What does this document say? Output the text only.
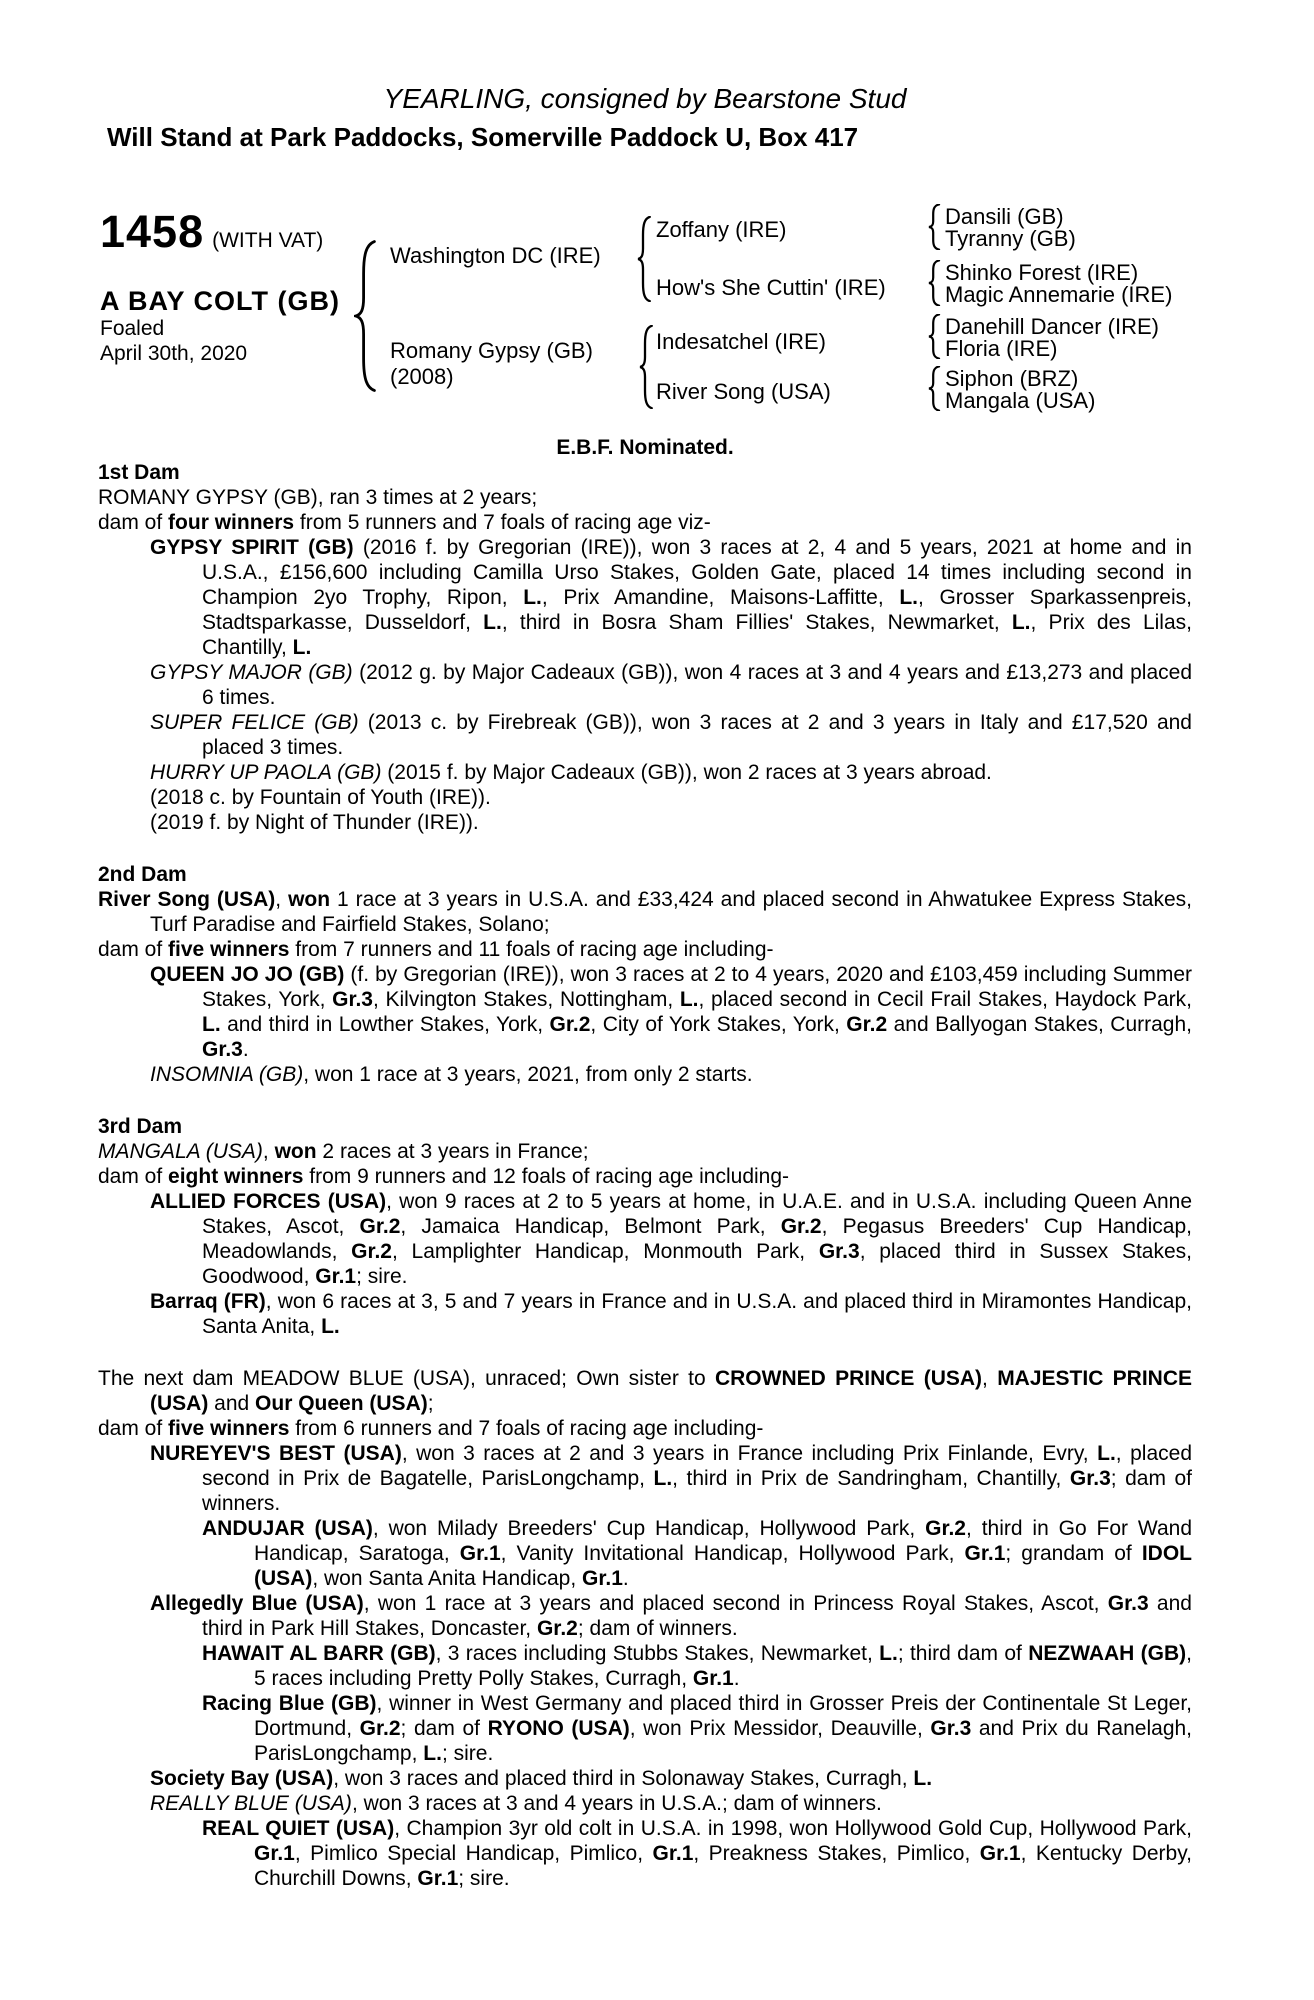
YEARLING, consigned by Bearstone Stud
Will Stand at Park Paddocks, Somerville Paddock U, Box 417
1458 (WITH VAT)
A BAY COLT (GB)
Foaled
April 30th, 2020
Washington DC (IRE)
Romany Gypsy (GB)
(2008)
Zoffany (IRE)
How's She Cuttin' (IRE)
Indesatchel (IRE)
River Song (USA)
Dansili (GB)
Tyranny (GB)
Shinko Forest (IRE)
Magic Annemarie (IRE)
Danehill Dancer (IRE)
Floria (IRE)
Siphon (BRZ)
Mangala (USA)
E.B.F. Nominated.
1st Dam
ROMANY GYPSY (GB), ran 3 times at 2 years;
dam of four winners from 5 runners and 7 foals of racing age viz-
GYPSY SPIRIT (GB) (2016 f. by Gregorian (IRE)), won 3 races at 2, 4 and 5 years, 2021 at home and in U.S.A., £156,600 including Camilla Urso Stakes, Golden Gate, placed 14 times including second in Champion 2yo Trophy, Ripon, L., Prix Amandine, Maisons-Laffitte, L., Grosser Sparkassenpreis, Stadtsparkasse, Dusseldorf, L., third in Bosra Sham Fillies' Stakes, Newmarket, L., Prix des Lilas, Chantilly, L.
GYPSY MAJOR (GB) (2012 g. by Major Cadeaux (GB)), won 4 races at 3 and 4 years and £13,273 and placed 6 times.
SUPER FELICE (GB) (2013 c. by Firebreak (GB)), won 3 races at 2 and 3 years in Italy and £17,520 and placed 3 times.
HURRY UP PAOLA (GB) (2015 f. by Major Cadeaux (GB)), won 2 races at 3 years abroad.
(2018 c. by Fountain of Youth (IRE)).
(2019 f. by Night of Thunder (IRE)).
2nd Dam
River Song (USA), won 1 race at 3 years in U.S.A. and £33,424 and placed second in Ahwatukee Express Stakes, Turf Paradise and Fairfield Stakes, Solano;
dam of five winners from 7 runners and 11 foals of racing age including-
QUEEN JO JO (GB) (f. by Gregorian (IRE)), won 3 races at 2 to 4 years, 2020 and £103,459 including Summer Stakes, York, Gr.3, Kilvington Stakes, Nottingham, L., placed second in Cecil Frail Stakes, Haydock Park, L. and third in Lowther Stakes, York, Gr.2, City of York Stakes, York, Gr.2 and Ballyogan Stakes, Curragh, Gr.3.
INSOMNIA (GB), won 1 race at 3 years, 2021, from only 2 starts.
3rd Dam
MANGALA (USA), won 2 races at 3 years in France;
dam of eight winners from 9 runners and 12 foals of racing age including-
ALLIED FORCES (USA), won 9 races at 2 to 5 years at home, in U.A.E. and in U.S.A. including Queen Anne Stakes, Ascot, Gr.2, Jamaica Handicap, Belmont Park, Gr.2, Pegasus Breeders' Cup Handicap, Meadowlands, Gr.2, Lamplighter Handicap, Monmouth Park, Gr.3, placed third in Sussex Stakes, Goodwood, Gr.1; sire.
Barraq (FR), won 6 races at 3, 5 and 7 years in France and in U.S.A. and placed third in Miramontes Handicap, Santa Anita, L.
The next dam MEADOW BLUE (USA), unraced; Own sister to CROWNED PRINCE (USA), MAJESTIC PRINCE (USA) and Our Queen (USA);
dam of five winners from 6 runners and 7 foals of racing age including-
NUREYEV'S BEST (USA), won 3 races at 2 and 3 years in France including Prix Finlande, Evry, L., placed second in Prix de Bagatelle, ParisLongchamp, L., third in Prix de Sandringham, Chantilly, Gr.3; dam of winners.
ANDUJAR (USA), won Milady Breeders' Cup Handicap, Hollywood Park, Gr.2, third in Go For Wand Handicap, Saratoga, Gr.1, Vanity Invitational Handicap, Hollywood Park, Gr.1; grandam of IDOL (USA), won Santa Anita Handicap, Gr.1.
Allegedly Blue (USA), won 1 race at 3 years and placed second in Princess Royal Stakes, Ascot, Gr.3 and third in Park Hill Stakes, Doncaster, Gr.2; dam of winners.
HAWAIT AL BARR (GB), 3 races including Stubbs Stakes, Newmarket, L.; third dam of NEZWAAH (GB), 5 races including Pretty Polly Stakes, Curragh, Gr.1.
Racing Blue (GB), winner in West Germany and placed third in Grosser Preis der Continentale St Leger, Dortmund, Gr.2; dam of RYONO (USA), won Prix Messidor, Deauville, Gr.3 and Prix du Ranelagh, ParisLongchamp, L.; sire.
Society Bay (USA), won 3 races and placed third in Solonaway Stakes, Curragh, L.
REALLY BLUE (USA), won 3 races at 3 and 4 years in U.S.A.; dam of winners.
REAL QUIET (USA), Champion 3yr old colt in U.S.A. in 1998, won Hollywood Gold Cup, Hollywood Park, Gr.1, Pimlico Special Handicap, Pimlico, Gr.1, Preakness Stakes, Pimlico, Gr.1, Kentucky Derby, Churchill Downs, Gr.1; sire.
